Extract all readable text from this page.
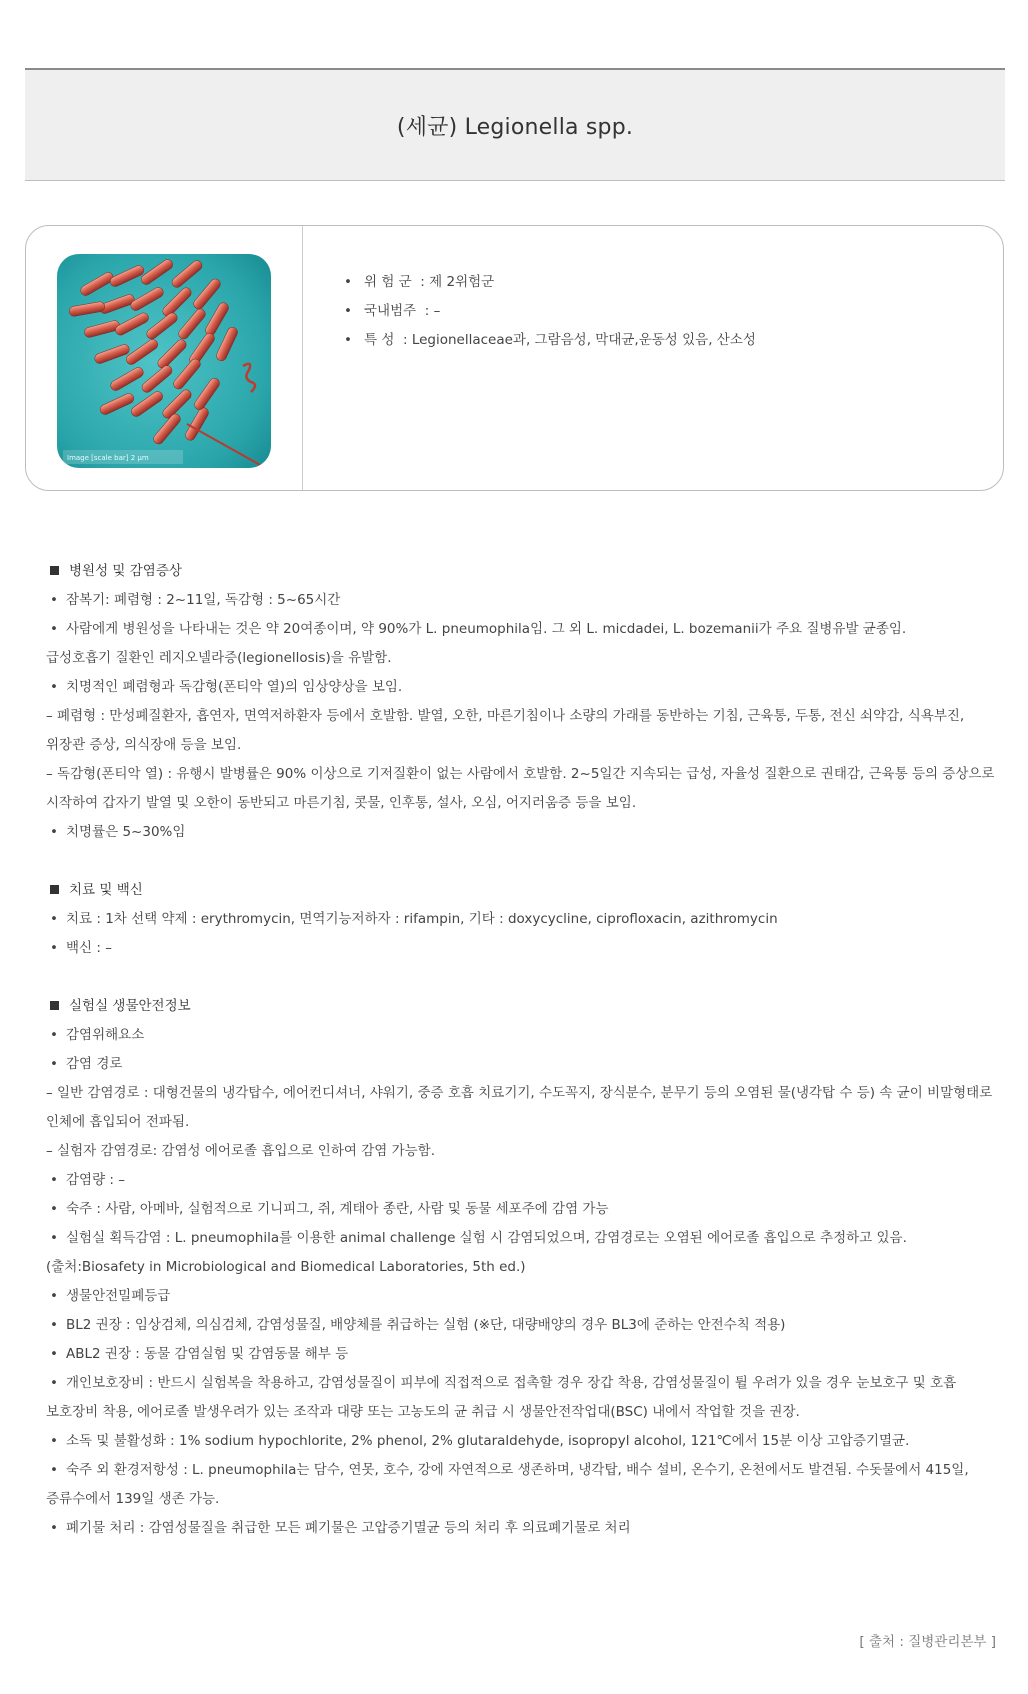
(세균) Legionella spp.
Image [scale bar] 2 μm
• 위 험 군  : 제 2위험군
• 국내범주  : –
• 특 성  : Legionellaceae과, 그람음성, 막대균,운동성 있음, 산소성
병원성 및 감염증상
• 잠복기: 폐렴형 : 2~11일, 독감형 : 5~65시간
• 사람에게 병원성을 나타내는 것은 약 20여종이며, 약 90%가 L. pneumophila임. 그 외 L. micdadei, L. bozemanii가 주요 질병유발 균종임.
급성호흡기 질환인 레지오넬라증(legionellosis)을 유발함.
• 치명적인 폐렴형과 독감형(폰티악 열)의 임상양상을 보임.
– 폐렴형 : 만성폐질환자, 흡연자, 면역저하환자 등에서 호발함. 발열, 오한, 마른기침이나 소량의 가래를 동반하는 기침, 근육통, 두통, 전신 쇠약감, 식욕부진,
위장관 증상, 의식장애 등을 보임.
– 독감형(폰티악 열) : 유행시 발병률은 90% 이상으로 기저질환이 없는 사람에서 호발함. 2~5일간 지속되는 급성, 자율성 질환으로 권태감, 근육통 등의 증상으로
시작하여 갑자기 발열 및 오한이 동반되고 마른기침, 콧물, 인후통, 설사, 오심, 어지러움증 등을 보임.
• 치명률은 5~30%임
치료 및 백신
• 치료 : 1차 선택 약제 : erythromycin, 면역기능저하자 : rifampin, 기타 : doxycycline, ciprofloxacin, azithromycin
• 백신 : –
실험실 생물안전정보
• 감염위해요소
• 감염 경로
– 일반 감염경로 : 대형건물의 냉각탑수, 에어컨디셔너, 샤워기, 중증 호흡 치료기기, 수도꼭지, 장식분수, 분무기 등의 오염된 물(냉각탑 수 등) 속 균이 비말형태로
인체에 흡입되어 전파됨.
– 실험자 감염경로: 감염성 에어로졸 흡입으로 인하여 감염 가능함.
• 감염량 : –
• 숙주 : 사람, 아메바, 실험적으로 기니피그, 쥐, 계태아 종란, 사람 및 동물 세포주에 감염 가능
• 실험실 획득감염 : L. pneumophila를 이용한 animal challenge 실험 시 감염되었으며, 감염경로는 오염된 에어로졸 흡입으로 추정하고 있음.
(출처:Biosafety in Microbiological and Biomedical Laboratories, 5th ed.)
• 생물안전밀폐등급
• BL2 권장 : 임상검체, 의심검체, 감염성물질, 배양체를 취급하는 실험 (※단, 대량배양의 경우 BL3에 준하는 안전수칙 적용)
• ABL2 권장 : 동물 감염실험 및 감염동물 해부 등
• 개인보호장비 : 반드시 실험복을 착용하고, 감염성물질이 피부에 직접적으로 접촉할 경우 장갑 착용, 감염성물질이 튈 우려가 있을 경우 눈보호구 및 호흡
보호장비 착용, 에어로졸 발생우려가 있는 조작과 대량 또는 고농도의 균 취급 시 생물안전작업대(BSC) 내에서 작업할 것을 권장.
• 소독 및 불활성화 : 1% sodium hypochlorite, 2% phenol, 2% glutaraldehyde, isopropyl alcohol, 121℃에서 15분 이상 고압증기멸균.
• 숙주 외 환경저항성 : L. pneumophila는 담수, 연못, 호수, 강에 자연적으로 생존하며, 냉각탑, 배수 설비, 온수기, 온천에서도 발견됨. 수돗물에서 415일,
증류수에서 139일 생존 가능.
• 폐기물 처리 : 감염성물질을 취급한 모든 폐기물은 고압증기멸균 등의 처리 후 의료폐기물로 처리
[ 출처 : 질병관리본부 ]
